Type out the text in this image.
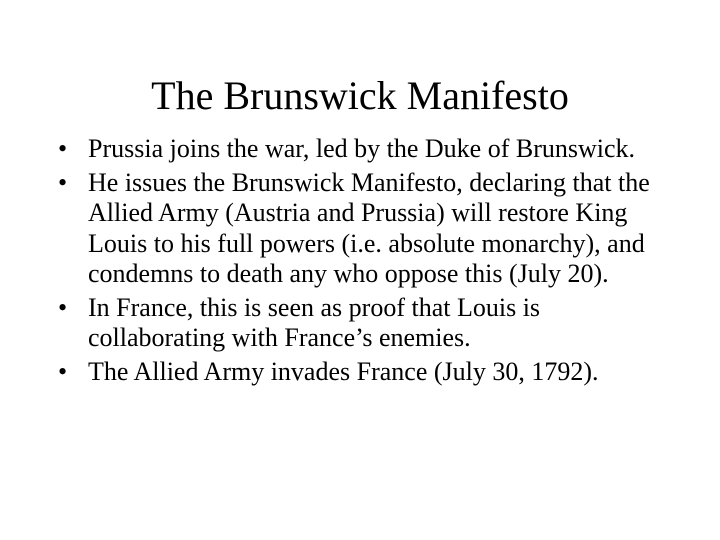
The Brunswick Manifesto
• Prussia joins the war, led by the Duke of Brunswick.
• He issues the Brunswick Manifesto, declaring that the Allied Army (Austria and Prussia) will restore King Louis to his full powers (i.e. absolute monarchy), and condemns to death any who oppose this (July 20).
• In France, this is seen as proof that Louis is collaborating with France’s enemies.
• The Allied Army invades France (July 30, 1792).
